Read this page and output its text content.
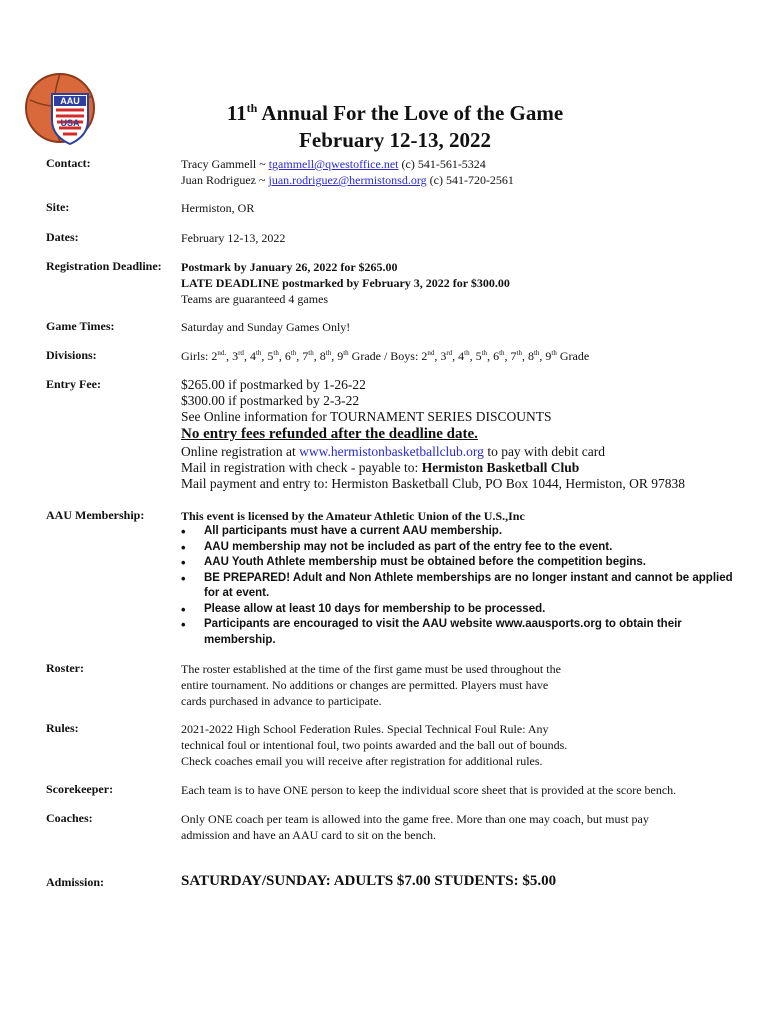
AAU
USA	11th Annual For the Love of the Game
February 12-13, 2022
Contact:	Tracy Gammell ~ tgammell@qwestoffice.net (c) 541-561-5324
Juan Rodriguez ~ juan.rodriguez@hermistonsd.org (c) 541-720-2561
Site:	Hermiston, OR
Dates:	February 12-13, 2022
Registration Deadline: Postmark by January 26, 2022 for $265.00
LATE DEADLINE postmarked by February 3, 2022 for $300.00
Teams are guaranteed 4 games
Game Times:	Saturday and Sunday Games Only!
Divisions:	Girls: $2^{nd.}$, 3rd, 4th, 5th, 6th, 7th, 8th, 9th Grade / Boys: 2nd, 3rd, 4th, 5th, 6th, 7th, 8th, 9th Grade
Entry Fee:	$265.00 if postmarked by 1-26-22
$300.00 if postmarked by 2-3-22
See Online information for TOURNAMENT SERIES DISCOUNTS
No entry fees refunded after the deadline date.
Online registration at www.hermistonbasketballclub.org to pay with debit card
Mail in registration with check - payable to: Hermiston Basketball Club
Mail payment and entry to: Hermiston Basketball Club, PO Box 1044, Hermiston, OR 97838
AAU Membership:	This event is licensed by the Amateur Athletic Union of the U.S.,Inc
• All participants must have a current AAU membership.
• AAU membership may not be included as part of the entry fee to the event.
• AAU Youth Athlete membership must be obtained before the competition begins.
• BE PREPARED! Adult and Non Athlete memberships are no longer instant and cannot be applied for at event.
• Please allow at least 10 days for membership to be processed.
• Participants are encouraged to visit the AAU website www.aausports.org to obtain their membership.
Roster:	The roster established at the time of the first game must be used throughout the
entire tournament. No additions or changes are permitted. Players must have
cards purchased in advance to participate.
Rules:	2021-2022 High School Federation Rules. Special Technical Foul Rule: Any
technical foul or intentional foul, two points awarded and the ball out of bounds.
Check coaches email you will receive after registration for additional rules.
Scorekeeper:	Each team is to have ONE person to keep the individual score sheet that is provided at the score bench.
Coaches:	Only ONE coach per team is allowed into the game free. More than one may coach, but must pay
admission and have an AAU card to sit on the bench.
Admission:	SATURDAY/SUNDAY: ADULTS $7.00 STUDENTS: $5.00
